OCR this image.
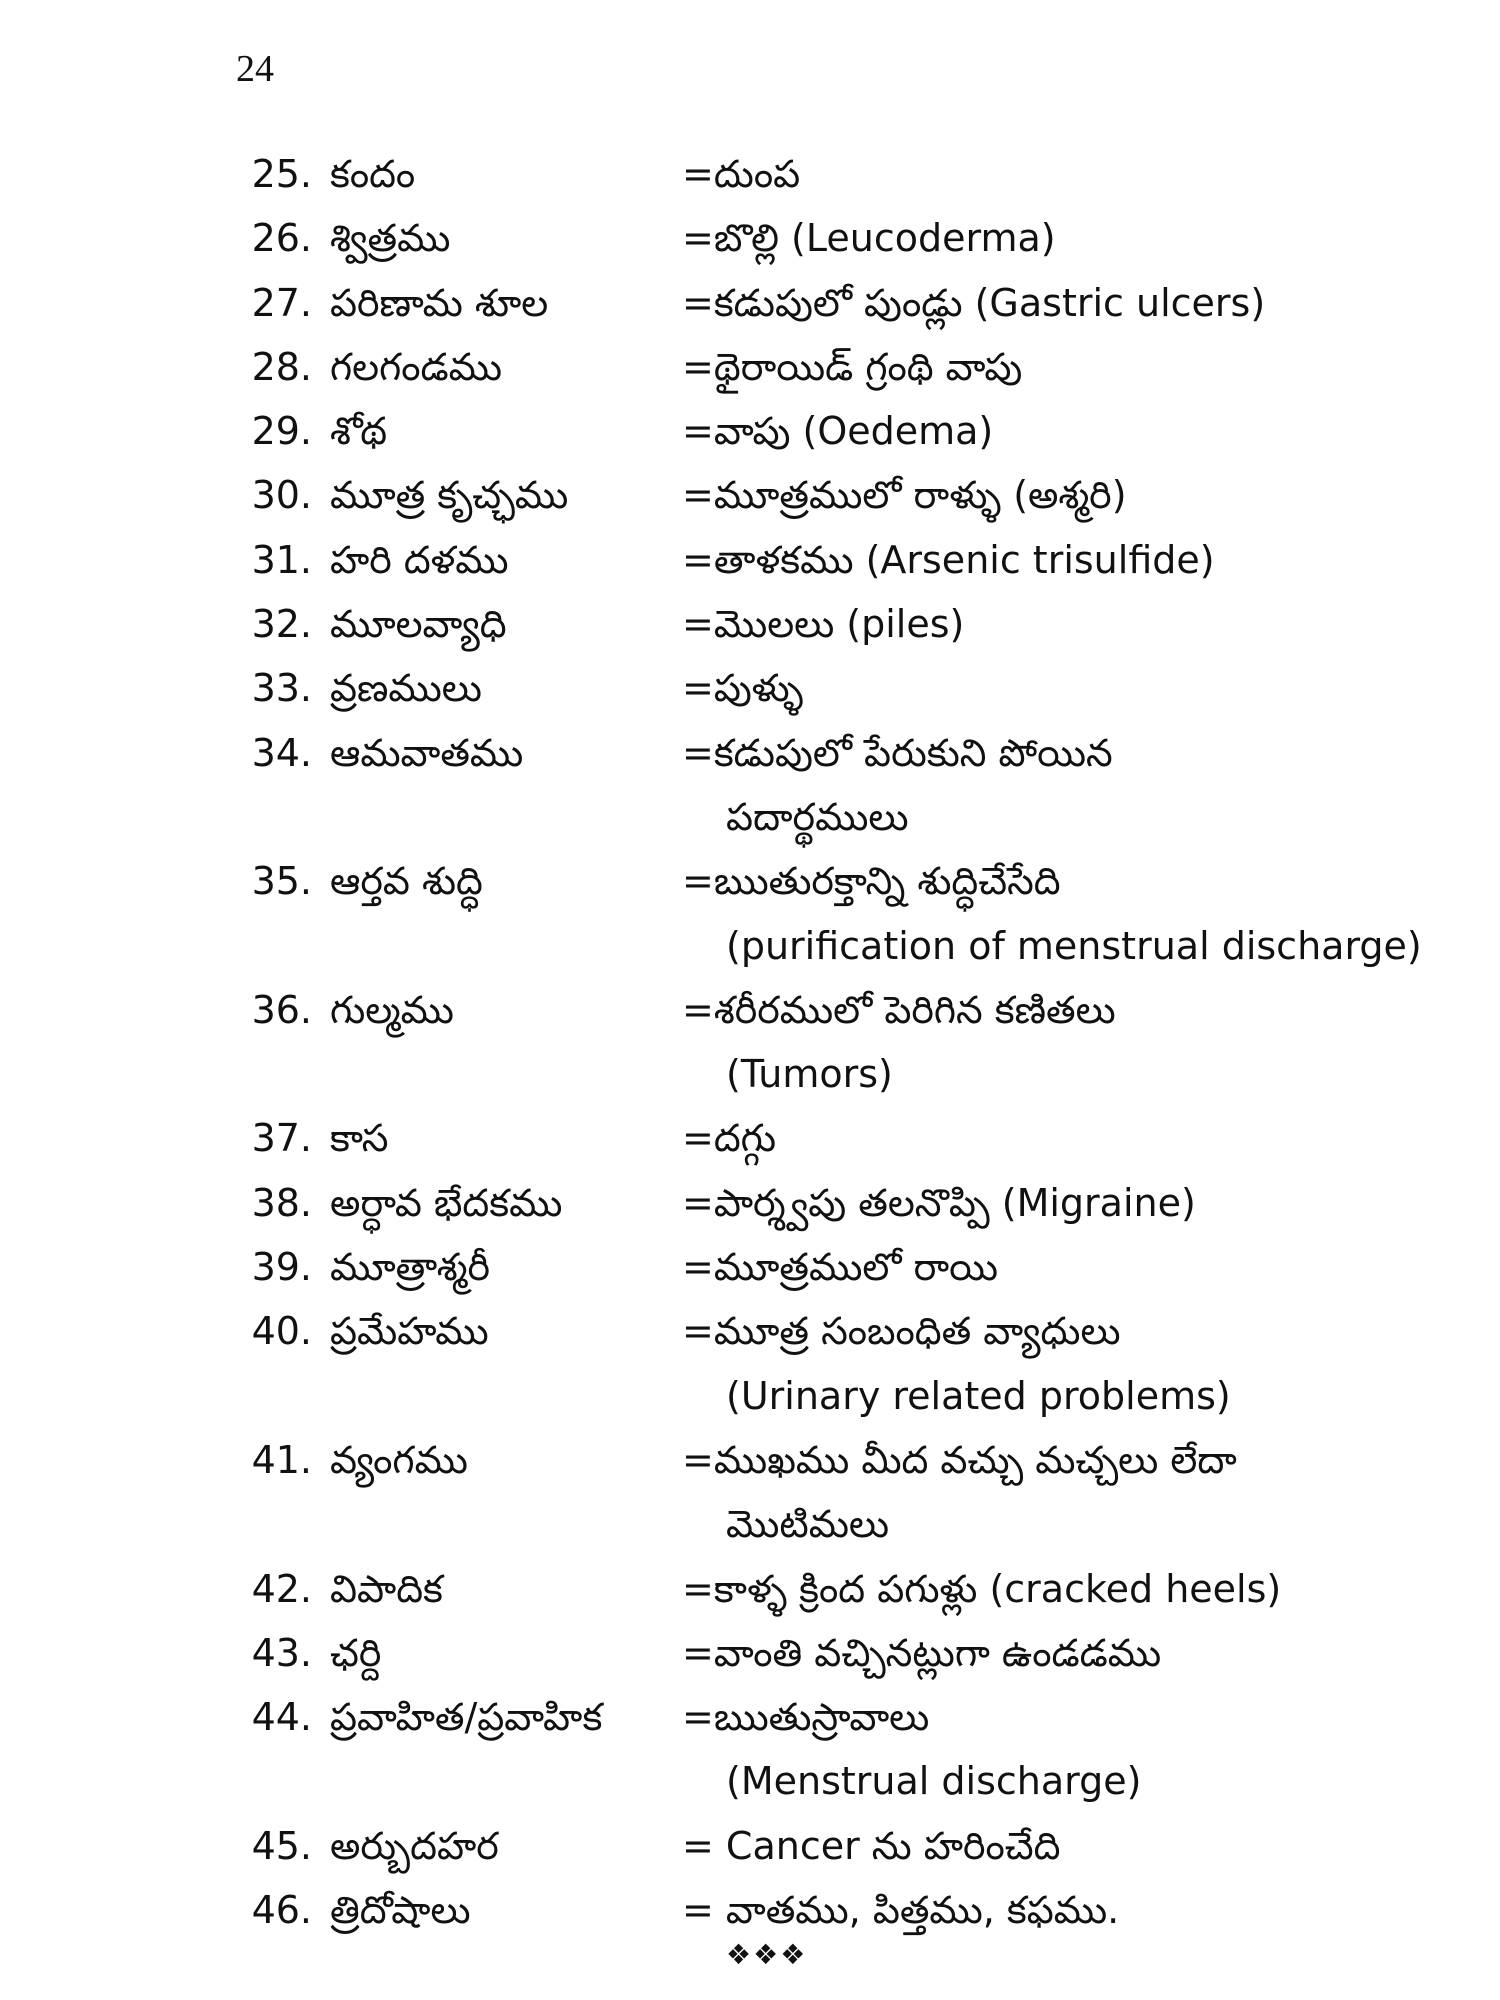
24
25. కందం	=దుంప
26. శ్విత్రము	=బొల్లి (Leucoderma)
27. పరిణామ శూల	=కడుపులో పుండ్లు (Gastric ulcers)
28. గలగండము	=థైరాయిడ్ గ్రంథి వాపు
29. శోథ	=వాపు (Oedema)
30. మూత్ర కృచ్ఛము	=మూత్రములో రాళ్ళు (అశ్మరి)
31. హరి దళము	=తాళకము (Arsenic trisulfide)
32. మూలవ్యాధి	=మొలలు (piles)
33. వ్రణములు	=పుళ్ళు
34. ఆమవాతము	=కడుపులో పేరుకుని పోయిన
పదార్థములు
35. ఆర్తవ శుద్ధి	=ఋతురక్తాన్ని శుద్ధిచేసేది
(purification of menstrual discharge)
36. గుల్మము	=శరీరములో పెరిగిన కణితలు
(Tumors)
37. కాస	=దగ్గు
38. అర్ధావ భేదకము	=పార్శ్వపు తలనొప్పి (Migraine)
39. మూత్రాశ్మరీ	=మూత్రములో రాయి
40. ప్రమేహము	=మూత్ర సంబంధిత వ్యాధులు
(Urinary related problems)
41. వ్యంగము	=ముఖము మీద వచ్చు మచ్చలు లేదా
మొటిమలు
42. విపాదిక	=కాళ్ళ క్రింద పగుళ్లు (cracked heels)
43. ఛర్ది	=వాంతి వచ్చినట్లుగా ఉండడము
44. ప్రవాహిత/ప్రవాహిక =ఋతుస్రావాలు
(Menstrual discharge)
45. అర్బుదహర	= Cancer ను హరించేది
46. త్రిదోషాలు	= వాతము, పిత్తము, కఫము.
❖❖❖
